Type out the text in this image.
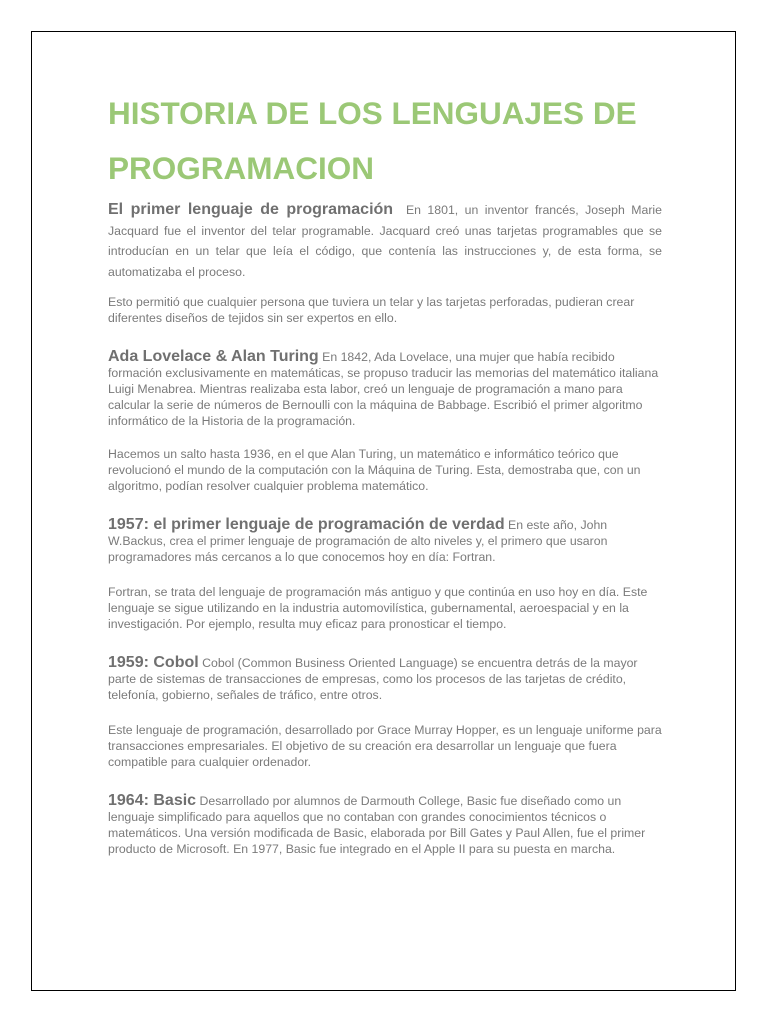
HISTORIA DE LOS LENGUAJES DE
PROGRAMACION

El primer lenguaje de programación En 1801, un inventor francés, Joseph Marie Jacquard fue el inventor del telar programable. Jacquard creó unas tarjetas programables que se introducían en un telar que leía el código, que contenía las instrucciones y, de esta forma, se automatizaba el proceso.

Esto permitió que cualquier persona que tuviera un telar y las tarjetas perforadas, pudieran crear diferentes diseños de tejidos sin ser expertos en ello.

Ada Lovelace & Alan Turing En 1842, Ada Lovelace, una mujer que había recibido formación exclusivamente en matemáticas, se propuso traducir las memorias del matemático italiana Luigi Menabrea. Mientras realizaba esta labor, creó un lenguaje de programación a mano para calcular la serie de números de Bernoulli con la máquina de Babbage. Escribió el primer algoritmo informático de la Historia de la programación.

Hacemos un salto hasta 1936, en el que Alan Turing, un matemático e informático teórico que revolucionó el mundo de la computación con la Máquina de Turing. Esta, demostraba que, con un algoritmo, podían resolver cualquier problema matemático.

1957: el primer lenguaje de programación de verdad En este año, John W.Backus, crea el primer lenguaje de programación de alto niveles y, el primero que usaron programadores más cercanos a lo que conocemos hoy en día: Fortran.

Fortran, se trata del lenguaje de programación más antiguo y que continúa en uso hoy en día. Este lenguaje se sigue utilizando en la industria automovilística, gubernamental, aeroespacial y en la investigación. Por ejemplo, resulta muy eficaz para pronosticar el tiempo.

1959: Cobol Cobol (Common Business Oriented Language) se encuentra detrás de la mayor parte de sistemas de transacciones de empresas, como los procesos de las tarjetas de crédito, telefonía, gobierno, señales de tráfico, entre otros.

Este lenguaje de programación, desarrollado por Grace Murray Hopper, es un lenguaje uniforme para transacciones empresariales. El objetivo de su creación era desarrollar un lenguaje que fuera compatible para cualquier ordenador.

1964: Basic Desarrollado por alumnos de Darmouth College, Basic fue diseñado como un lenguaje simplificado para aquellos que no contaban con grandes conocimientos técnicos o matemáticos. Una versión modificada de Basic, elaborada por Bill Gates y Paul Allen, fue el primer producto de Microsoft. En 1977, Basic fue integrado en el Apple II para su puesta en marcha.
